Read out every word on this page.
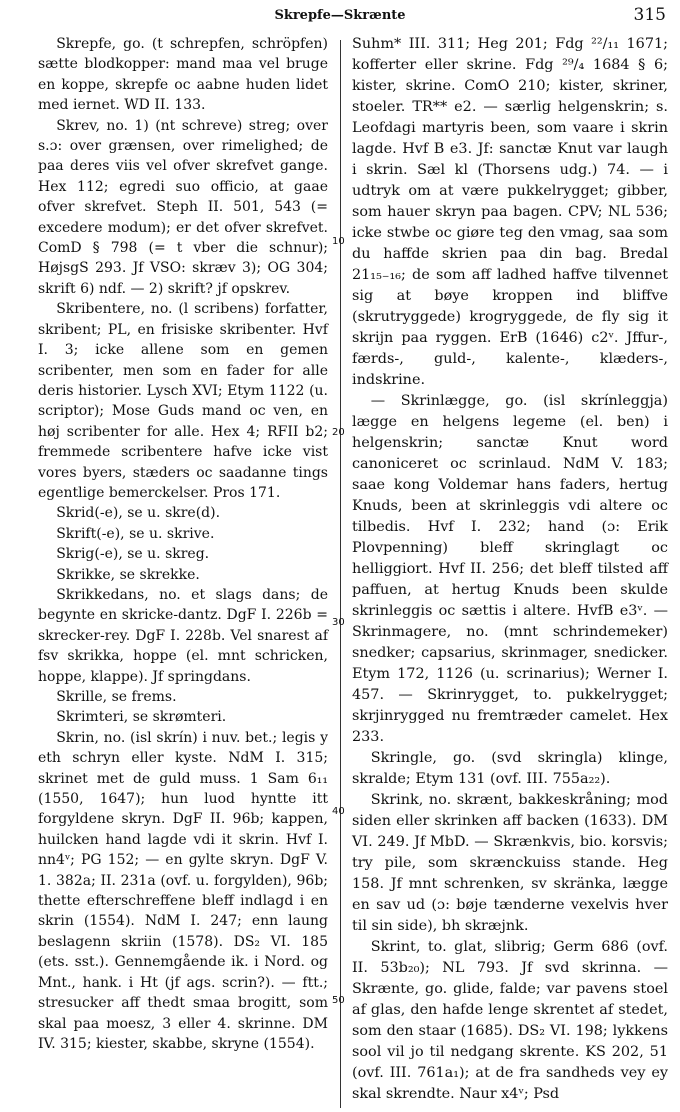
Skrepfe—Skrænte	315
10
20
30
40
50

Skrepfe, go. (t schrepfen, schröpfen) sætte blodkopper: mand maa vel bruge en koppe, skrepfe oc aabne huden lidet med iernet. WD II. 133.

Skrev, no. 1) (nt schreve) streg; over s.ɔ: over grænsen, over rimelighed; de paa deres viis vel ofver skrefvet gange. Hex 112; egredi suo officio, at gaae ofver skrefvet. Steph II. 501, 543 (= excedere modum); er det ofver skrefvet. ComD § 798 (= t vber die schnur); HøjsgS 293. Jf VSO: skræv 3); OG 304; skrift 6) ndf. — 2) skrift? jf opskrev.

Skribentere, no. (l scribens) forfatter, skribent; PL, en frisiske skribenter. Hvf I. 3; icke allene som en gemen scribenter, men som en fader for alle deris historier. Lysch XVI; Etym 1122 (u. scriptor); Mose Guds mand oc ven, en høj scribenter for alle. Hex 4; RFII b2; fremmede scribentere hafve icke vist vores byers, stæders oc saadanne tings egentlige bemerckelser. Pros 171.

Skrid(-e), se u. skre(d).

Skrift(-e), se u. skrive.

Skrig(-e), se u. skreg.

Skrikke, se skrekke.

Skrikkedans, no. et slags dans; de begynte en skricke-dantz. DgF I. 226b = skrecker-rey. DgF I. 228b. Vel snarest af fsv skrikka, hoppe (el. mnt schricken, hoppe, klappe). Jf springdans.

Skrille, se frems.

Skrimteri, se skrømteri.

Skrin, no. (isl skrín) i nuv. bet.; legis y eth schryn eller kyste. NdM I. 315; skrinet met de guld muss. 1 Sam 6₁₁ (1550, 1647); hun luod hyntte itt forgyldene skryn. DgF II. 96b; kappen, huilcken hand lagde vdi it skrin. Hvf I. nn4ᵛ; PG 152; — en gylte skryn. DgF V. 1. 382a; II. 231a (ovf. u. forgylden), 96b; thette efterschreffene bleff indlagd i en skrin (1554). NdM I. 247; enn laung beslagenn skriin (1578). DS₂ VI. 185 (ets. sst.). Gennemgående ik. i Nord. og Mnt., hank. i Ht (jf ags. scrin?). — ftt.; stresucker aff thedt smaa brogitt, som skal paa moesz, 3 eller 4. skrinne. DM IV. 315; kiester, skabbe, skryne (1554).

Suhm* III. 311; Heg 201; Fdg ²²/₁₁ 1671; kofferter eller skrine. Fdg ²⁹/₄ 1684 § 6; kister, skrine. ComO 210; kister, skriner, stoeler. TR** e2. — særlig helgenskrin; s. Leofdagi martyris been, som vaare i skrin lagde. Hvf B e3. Jf: sanctæ Knut var laugh i skrin. Sæl kl (Thorsens udg.) 74. — i udtryk om at være pukkelrygget; gibber, som hauer skryn paa bagen. CPV; NL 536; icke stwbe oc giøre teg den vmag, saa som du haffde skrien paa din bag. Bredal 21₁₅₋₁₆; de som aff ladhed haffve tilvennet sig at bøye kroppen ind bliffve (skrutryggede) krogryggede, de fly sig it skrijn paa ryggen. ErB (1646) c2ᵛ. Jffur-, færds-, guld-, kalente-, klæders-, indskrine.

— Skrinlægge, go. (isl skrínleggja) lægge en helgens legeme (el. ben) i helgenskrin; sanctæ Knut word canoniceret oc scrinlaud. NdM V. 183; saae kong Voldemar hans faders, hertug Knuds, been at skrinleggis vdi altere oc tilbedis. Hvf I. 232; hand (ɔ: Erik Plovpenning) bleff skringlagt oc helliggiort. Hvf II. 256; det bleff tilsted aff paffuen, at hertug Knuds been skulde skrinleggis oc sættis i altere. HvfB e3ᵛ. — Skrinmagere, no. (mnt schrindemeker) snedker; capsarius, skrinmager, snedicker. Etym 172, 1126 (u. scrinarius); Werner I. 457. — Skrinrygget, to. pukkelrygget; skrjinrygged nu fremtræder camelet. Hex 233.

Skringle, go. (svd skringla) klinge, skralde; Etym 131 (ovf. III. 755a₂₂).

Skrink, no. skrænt, bakkeskråning; mod siden eller skrinken aff backen (1633). DM VI. 249. Jf MbD. — Skrænkvis, bio. korsvis; try pile, som skrænckuiss stande. Heg 158. Jf mnt schrenken, sv skränka, lægge en sav ud (ɔ: bøje tænderne vexelvis hver til sin side), bh skræjnk.

Skrint, to. glat, slibrig; Germ 686 (ovf. II. 53b₂₀); NL 793. Jf svd skrinna. — Skrænte, go. glide, falde; var pavens stoel af glas, den hafde lenge skrentet af stedet, som den staar (1685). DS₂ VI. 198; lykkens sool vil jo til nedgang skrente. KS 202, 51 (ovf. III. 761a₁); at de fra sandheds vey ey skal skrendte. Naur x4ᵛ; Psd
